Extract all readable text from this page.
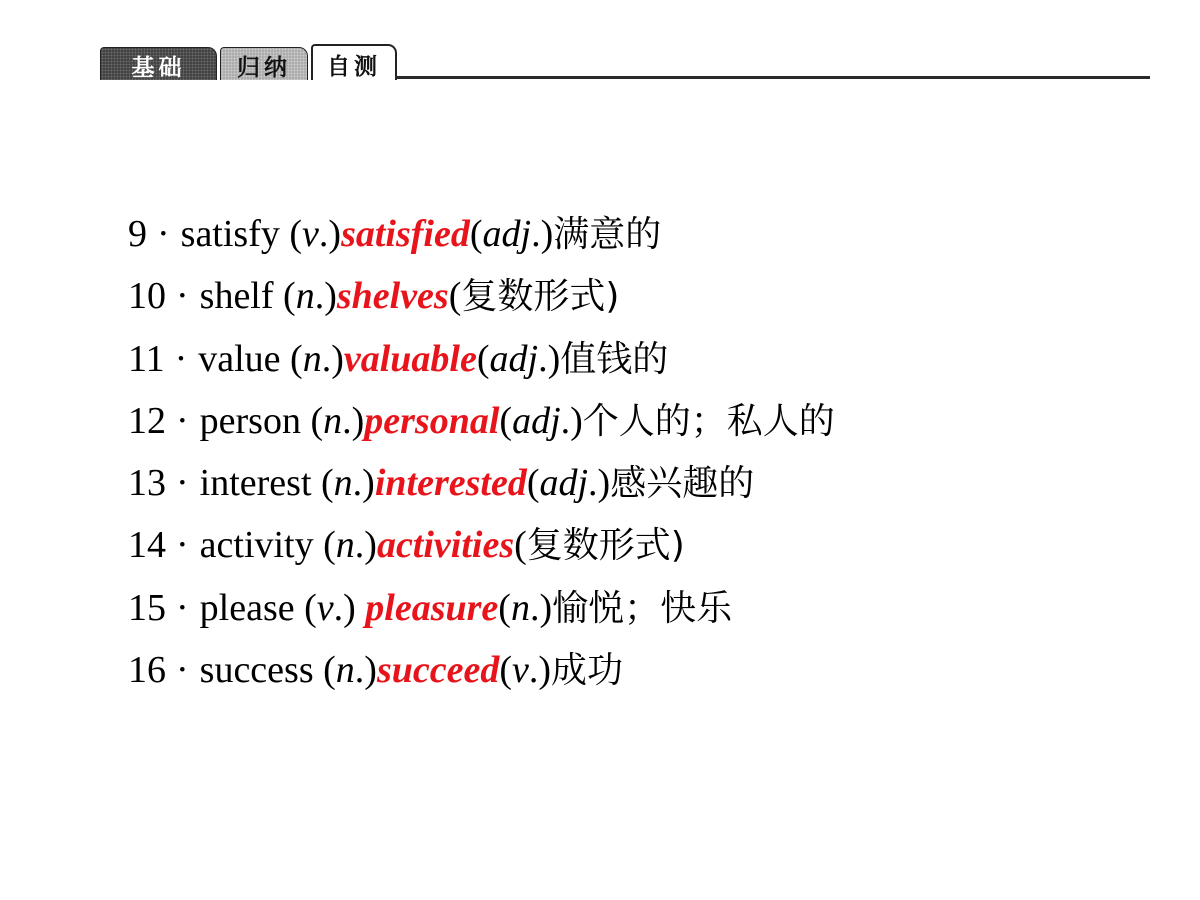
基础	归纳	自测
9 · satisfy (v.)satisfied(adj.)满意的
10 · shelf (n.)shelves(复数形式)
11 · value (n.)valuable(adj.)值钱的
12 · person (n.)personal(adj.)个人的；私人的
13 · interest (n.)interested(adj.)感兴趣的
14 · activity (n.)activities(复数形式)
15 · please (v.) pleasure(n.)愉悦；快乐
16 · success (n.)succeed(v.)成功
